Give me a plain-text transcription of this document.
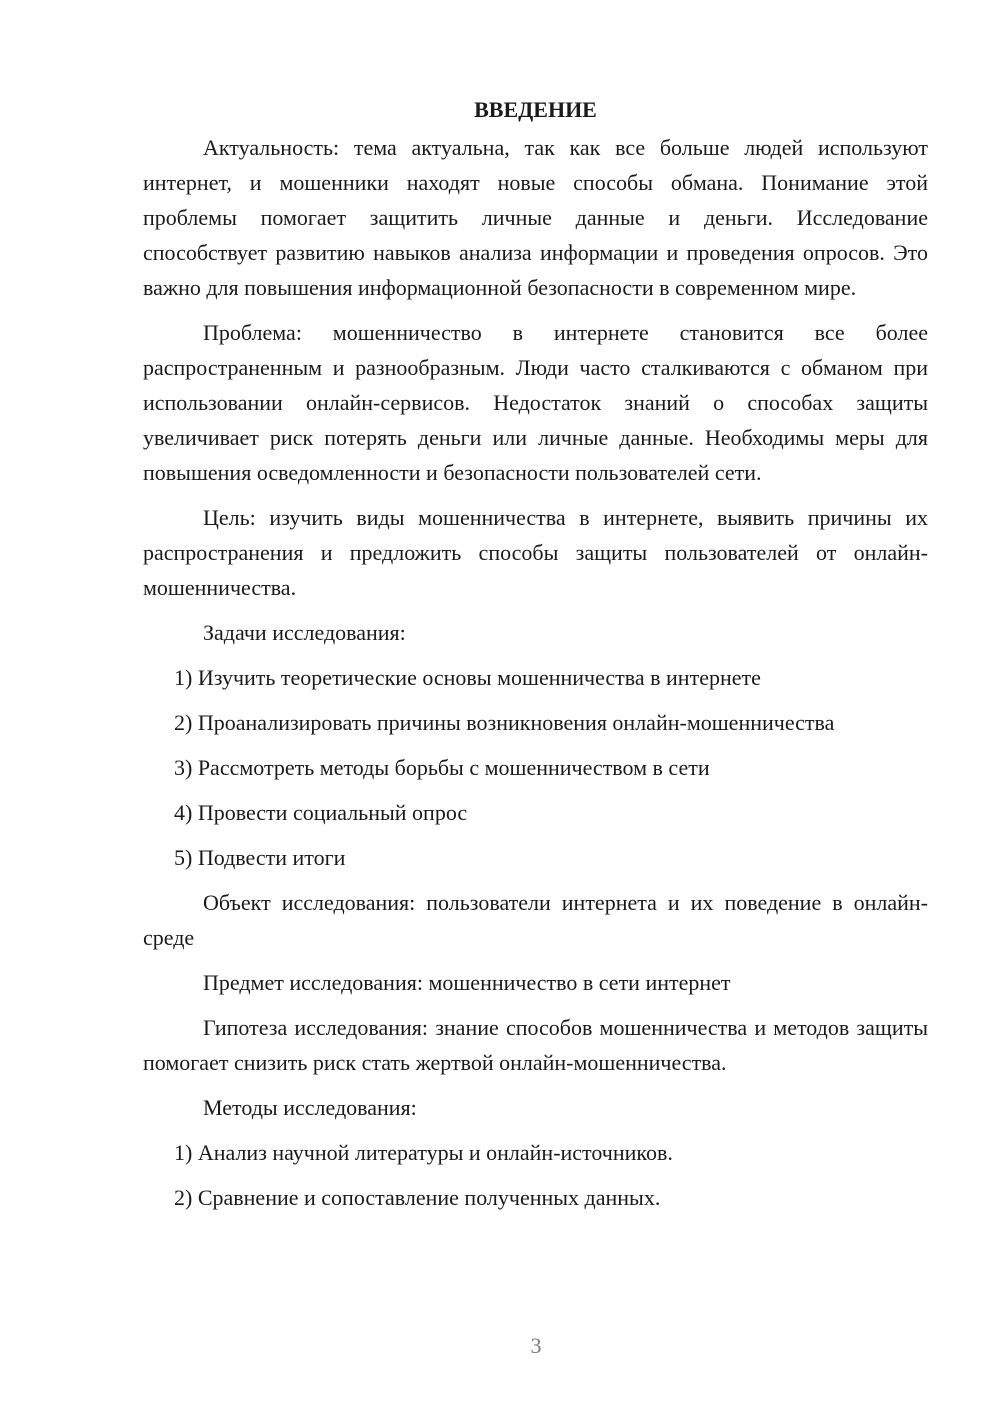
ВВЕДЕНИЕ

Актуальность: тема актуальна, так как все больше людей используют интернет, и мошенники находят новые способы обмана. Понимание этой проблемы помогает защитить личные данные и деньги. Исследование способствует развитию навыков анализа информации и проведения опросов. Это важно для повышения информационной безопасности в современном мире.

Проблема: мошенничество в интернете становится все более распространенным и разнообразным. Люди часто сталкиваются с обманом при использовании онлайн-сервисов. Недостаток знаний о способах защиты увеличивает риск потерять деньги или личные данные. Необходимы меры для повышения осведомленности и безопасности пользователей сети.

Цель: изучить виды мошенничества в интернете, выявить причины их распространения и предложить способы защиты пользователей от онлайн-мошенничества.

Задачи исследования:

1) Изучить теоретические основы мошенничества в интернете

2) Проанализировать причины возникновения онлайн-мошенничества

3) Рассмотреть методы борьбы с мошенничеством в сети

4) Провести социальный опрос

5) Подвести итоги

Объект исследования: пользователи интернета и их поведение в онлайн-среде

Предмет исследования: мошенничество в сети интернет

Гипотеза исследования: знание способов мошенничества и методов защиты помогает снизить риск стать жертвой онлайн-мошенничества.

Методы исследования:

1) Анализ научной литературы и онлайн-источников.

2) Сравнение и сопоставление полученных данных.

3
